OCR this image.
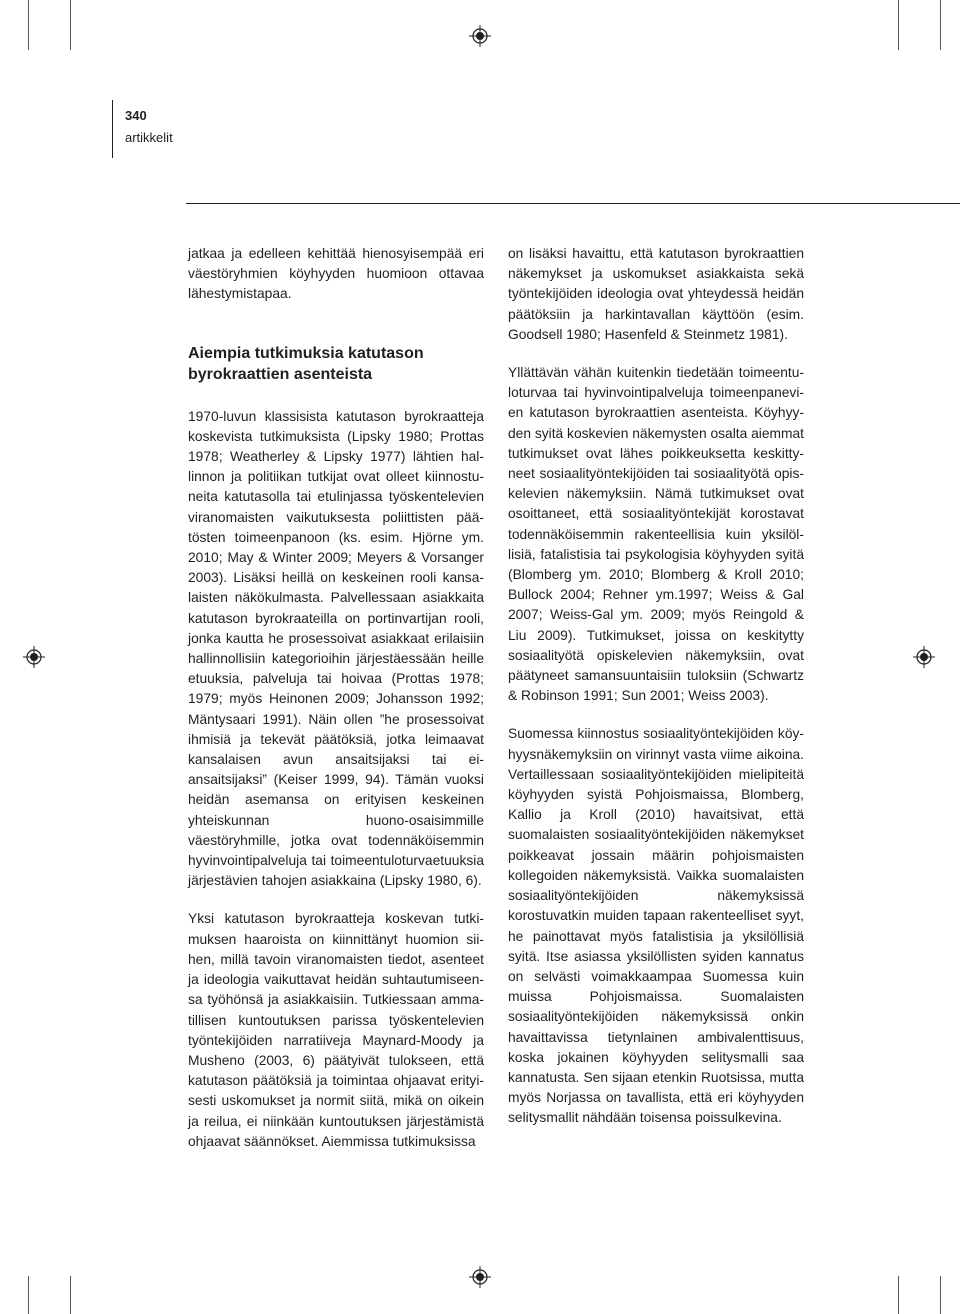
340
artikkelit

jatkaa ja edelleen kehittää hienosyisempää eri väestöryhmien köyhyyden huomioon ottavaa lähestymistapaa.

Aiempia tutkimuksia katutason byrokraattien asenteista

1970-luvun klassisista katutason byrokraatteja koskevista tutkimuksista (Lipsky 1980; Prottas 1978; Weatherley & Lipsky 1977) lähtien hallinnon ja politiikan tutkijat ovat olleet kiinnostuneita katutasolla tai etulinjassa työskentelevien viranomaisten vaikutuksesta poliittisten päätösten toimeenpanoon (ks. esim. Hjörne ym. 2010; May & Winter 2009; Meyers & Vorsanger 2003). Lisäksi heillä on keskeinen rooli kansalaisten näkökulmasta. Palvellessaan asiakkaita katutason byrokraateilla on portinvartijan rooli, jonka kautta he prosessoivat asiakkaat erilaisiin hallinnollisiin kategorioihin järjestäessään heille etuuksia, palveluja tai hoivaa (Prottas 1978; 1979; myös Heinonen 2009; Johansson 1992; Mäntysaari 1991). Näin ollen ”he prosessoivat ihmisiä ja tekevät päätöksiä, jotka leimaavat kansalaisen avun ansaitsijaksi tai ei-ansaitsijaksi” (Keiser 1999, 94). Tämän vuoksi heidän asemansa on erityisen keskeinen yhteiskunnan huono-osaisimmille väestöryhmille, jotka ovat todennäköisemmin hyvinvointipalveluja tai toimeentuloturvaetuuksia järjestävien tahojen asiakkaina (Lipsky 1980, 6).

Yksi katutason byrokraatteja koskevan tutkimuksen haaroista on kiinnittänyt huomion siihen, millä tavoin viranomaisten tiedot, asenteet ja ideologia vaikuttavat heidän suhtautumiseensa työhönsä ja asiakkaisiin. Tutkiessaan ammatillisen kuntoutuksen parissa työskentelevien työntekijöiden narratiiveja Maynard-Moody ja Musheno (2003, 6) päätyivät tulokseen, että katutason päätöksiä ja toimintaa ohjaavat erityisesti uskomukset ja normit siitä, mikä on oikein ja reilua, ei niinkään kuntoutuksen järjestämistä ohjaavat säännökset. Aiemmissa tutkimuksissa

on lisäksi havaittu, että katutason byrokraattien näkemykset ja uskomukset asiakkaista sekä työntekijöiden ideologia ovat yhteydessä heidän päätöksiin ja harkintavallan käyttöön (esim. Goodsell 1980; Hasenfeld & Steinmetz 1981).

Yllättävän vähän kuitenkin tiedetään toimeentuloturvaa tai hyvinvointipalveluja toimeenpanevien katutason byrokraattien asenteista. Köyhyyden syitä koskevien näkemysten osalta aiemmat tutkimukset ovat lähes poikkeuksetta keskittyneet sosiaalityöntekijöiden tai sosiaalityötä opiskelevien näkemyksiin. Nämä tutkimukset ovat osoittaneet, että sosiaalityöntekijät korostavat todennäköisemmin rakenteellisia kuin yksilöllisiä, fatalistisia tai psykologisia köyhyyden syitä (Blomberg ym. 2010; Blomberg & Kroll 2010; Bullock 2004; Rehner ym.1997; Weiss & Gal 2007; Weiss-Gal ym. 2009; myös Reingold & Liu 2009). Tutkimukset, joissa on keskitytty sosiaalityötä opiskelevien näkemyksiin, ovat päätyneet samansuuntaisiin tuloksiin (Schwartz & Robinson 1991; Sun 2001; Weiss 2003).

Suomessa kiinnostus sosiaalityöntekijöiden köyhyysnäkemyksiin on virinnyt vasta viime aikoina. Vertaillessaan sosiaalityöntekijöiden mielipiteitä köyhyyden syistä Pohjoismaissa, Blomberg, Kallio ja Kroll (2010) havaitsivat, että suomalaisten sosiaalityöntekijöiden näkemykset poikkeavat jossain määrin pohjoismaisten kollegoiden näkemyksistä. Vaikka suomalaisten sosiaalityöntekijöiden näkemyksissä korostuvatkin muiden tapaan rakenteelliset syyt, he painottavat myös fatalistisia ja yksilöllisiä syitä. Itse asiassa yksilöllisten syiden kannatus on selvästi voimakkaampaa Suomessa kuin muissa Pohjoismaissa. Suomalaisten sosiaalityöntekijöiden näkemyksissä onkin havaittavissa tietynlainen ambivalenttisuus, koska jokainen köyhyyden selitysmalli saa kannatusta. Sen sijaan etenkin Ruotsissa, mutta myös Norjassa on tavallista, että eri köyhyyden selitysmallit nähdään toisensa poissulkevina.
